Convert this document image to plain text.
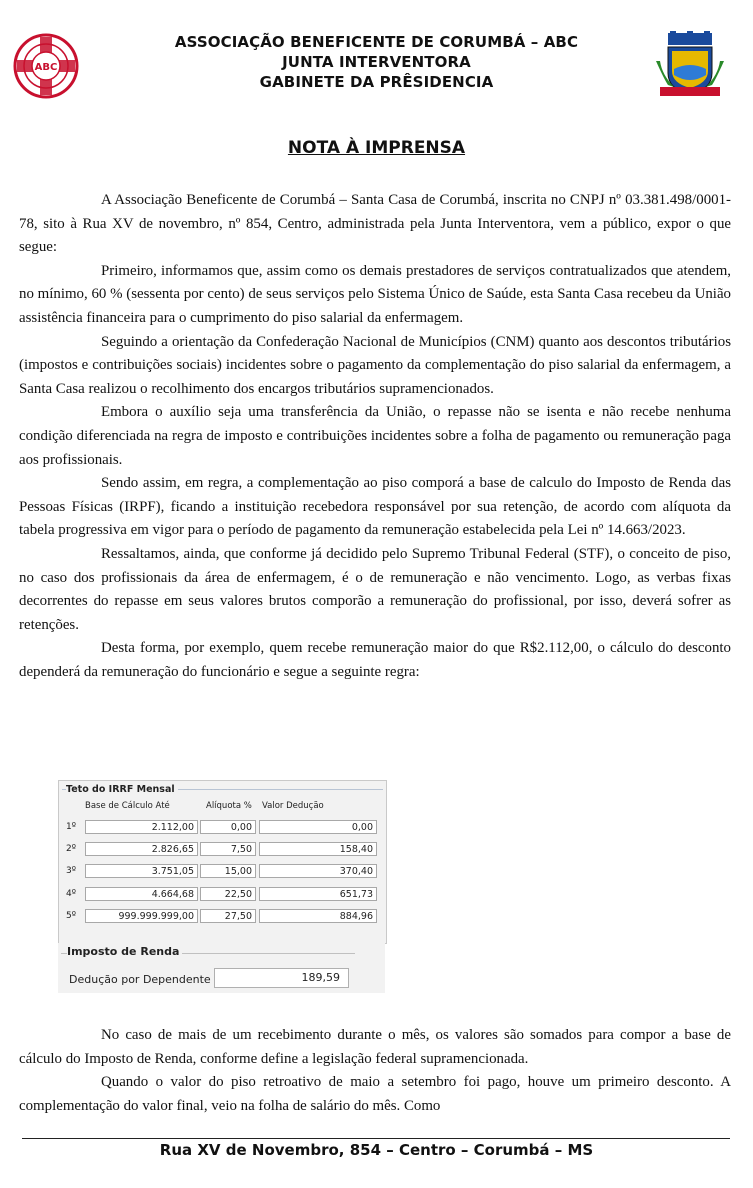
ABC
ASSOCIAÇÃO BENEFICENTE DE CORUMBÁ – ABC
JUNTA INTERVENTORA
GABINETE DA PRÊSIDENCIA
NOTA À IMPRENSA

A Associação Beneficente de Corumbá – Santa Casa de Corumbá, inscrita no CNPJ nº 03.381.498/0001-78, sito à Rua XV de novembro, nº 854, Centro, administrada pela Junta Interventora, vem a público, expor o que segue:

Primeiro, informamos que, assim como os demais prestadores de serviços contratualizados que atendem, no mínimo, 60 % (sessenta por cento) de seus serviços pelo Sistema Único de Saúde, esta Santa Casa recebeu da União assistência financeira para o cumprimento do piso salarial da enfermagem.

Seguindo a orientação da Confederação Nacional de Municípios (CNM) quanto aos descontos tributários (impostos e contribuições sociais) incidentes sobre o pagamento da complementação do piso salarial da enfermagem, a Santa Casa realizou o recolhimento dos encargos tributários supramencionados.

Embora o auxílio seja uma transferência da União, o repasse não se isenta e não recebe nenhuma condição diferenciada na regra de imposto e contribuições incidentes sobre a folha de pagamento ou remuneração paga aos profissionais.

Sendo assim, em regra, a complementação ao piso comporá a base de calculo do Imposto de Renda das Pessoas Físicas (IRPF), ficando a instituição recebedora responsável por sua retenção, de acordo com alíquota da tabela progressiva em vigor para o período de pagamento da remuneração estabelecida pela Lei nº 14.663/2023.

Ressaltamos, ainda, que conforme já decidido pelo Supremo Tribunal Federal (STF), o conceito de piso, no caso dos profissionais da área de enfermagem, é o de remuneração e não vencimento. Logo, as verbas fixas decorrentes do repasse em seus valores brutos comporão a remuneração do profissional, por isso, deverá sofrer as retenções.

Desta forma, por exemplo, quem recebe remuneração maior do que R$2.112,00, o cálculo do desconto dependerá da remuneração do funcionário e segue a seguinte regra:

Teto do IRRF Mensal
Base de Cálculo Até	Alíquota % Valor Dedução
1º	2.112,00	0,00	0,00
2º	2.826,65	7,50	158,40
3º	3.751,05	15,00	370,40
4º	4.664,68	22,50	651,73
5º	999.999.999,00	27,50	884,96
Imposto de Renda
Dedução por Dependente	189,59

No caso de mais de um recebimento durante o mês, os valores são somados para compor a base de cálculo do Imposto de Renda, conforme define a legislação federal supramencionada.

Quando o valor do piso retroativo de maio a setembro foi pago, houve um primeiro desconto. A complementação do valor final, veio na folha de salário do mês. Como

Rua XV de Novembro, 854 – Centro – Corumbá – MS
